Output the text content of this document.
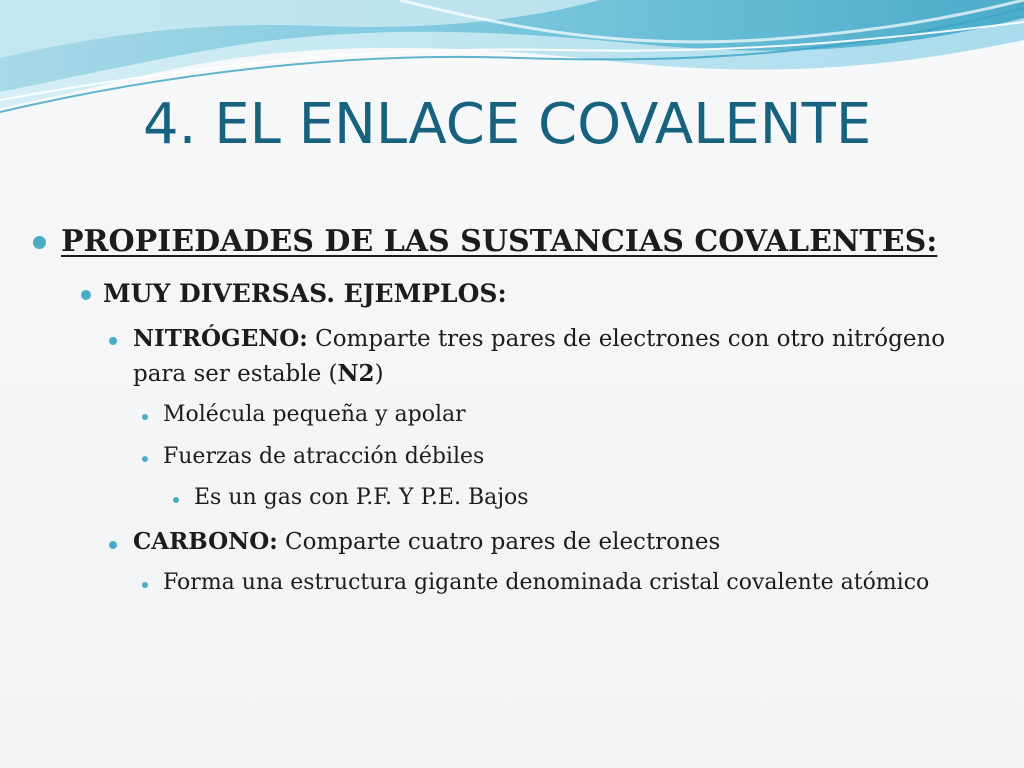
4. EL ENLACE COVALENTE
PROPIEDADES DE LAS SUSTANCIAS COVALENTES:
MUY DIVERSAS. EJEMPLOS:
NITRÓGENO: Comparte tres pares de electrones con otro nitrógeno
para ser estable (N2)
Molécula pequeña y apolar
Fuerzas de atracción débiles
Es un gas con P.F. Y P.E. Bajos
CARBONO: Comparte cuatro pares de electrones
Forma una estructura gigante denominada cristal covalente atómico
